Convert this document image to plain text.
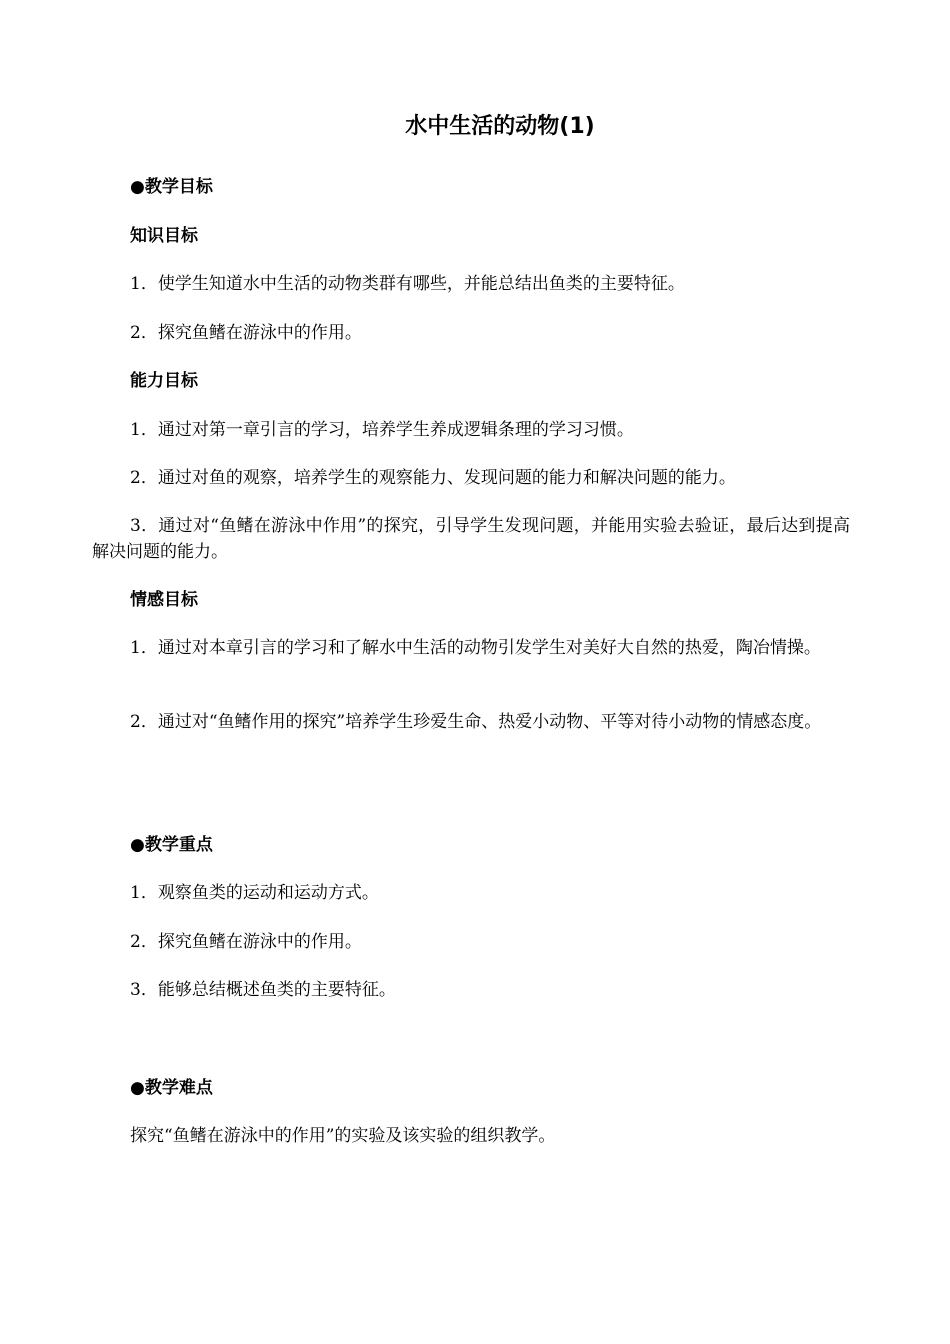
水中生活的动物(1)
●教学目标
知识目标
1．使学生知道水中生活的动物类群有哪些，并能总结出鱼类的主要特征。
2．探究鱼鳍在游泳中的作用。
能力目标
1．通过对第一章引言的学习，培养学生养成逻辑条理的学习习惯。
2．通过对鱼的观察，培养学生的观察能力、发现问题的能力和解决问题的能力。
3．通过对“鱼鳍在游泳中作用”的探究，引导学生发现问题，并能用实验去验证，最后达到提高解决问题的能力。
情感目标
1．通过对本章引言的学习和了解水中生活的动物引发学生对美好大自然的热爱，陶冶情操。
2．通过对“鱼鳍作用的探究”培养学生珍爱生命、热爱小动物、平等对待小动物的情感态度。
●教学重点
1．观察鱼类的运动和运动方式。
2．探究鱼鳍在游泳中的作用。
3．能够总结概述鱼类的主要特征。
●教学难点
探究“鱼鳍在游泳中的作用”的实验及该实验的组织教学。
